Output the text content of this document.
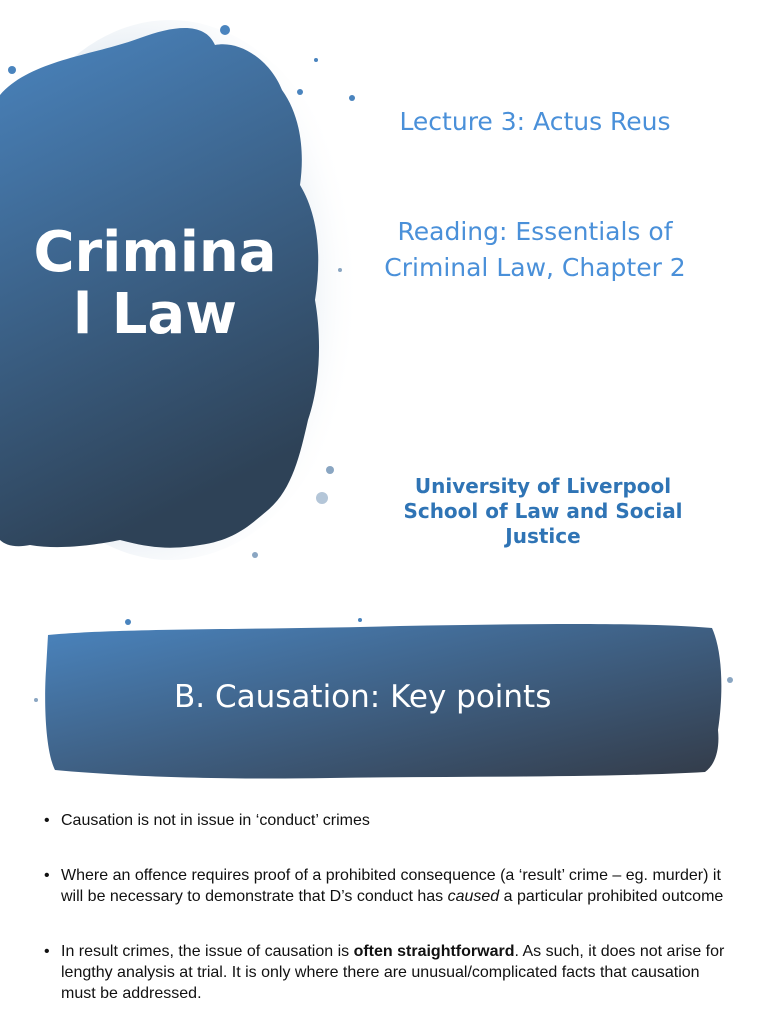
Criminal Law
Lecture 3: Actus Reus
Reading: Essentials of Criminal Law, Chapter 2
University of Liverpool
School of Law and Social Justice
B. Causation: Key points
• Causation is not in issue in ‘conduct’ crimes
• Where an offence requires proof of a prohibited consequence (a ‘result’ crime – eg. murder) it will be necessary to demonstrate that D’s conduct has caused a particular prohibited outcome
• In result crimes, the issue of causation is often straightforward. As such, it does not arise for lengthy analysis at trial. It is only where there are unusual/complicated facts that causation must be addressed.
